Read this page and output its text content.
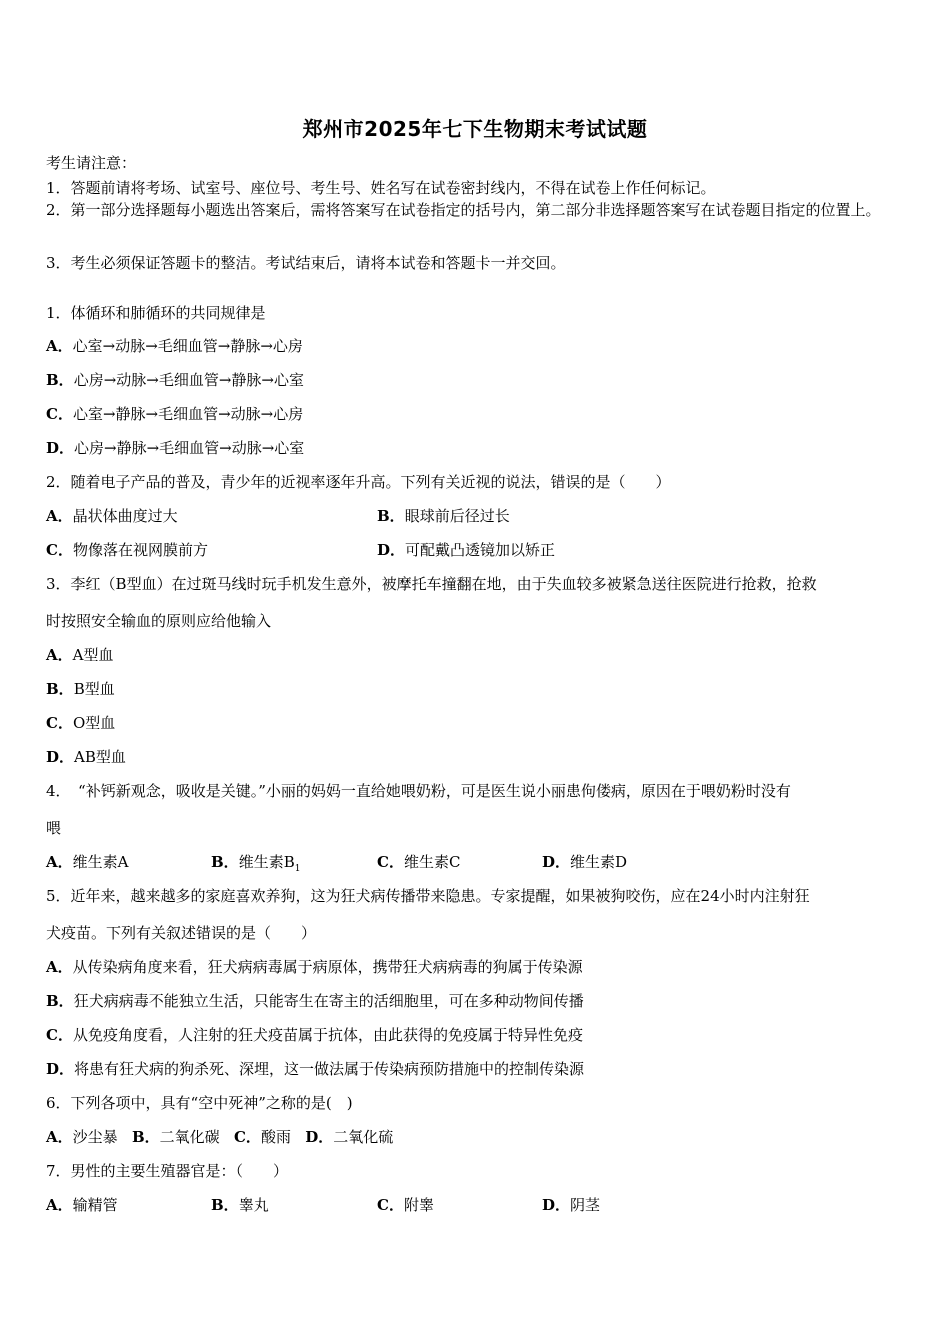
郑州市2025年七下生物期末考试试题
考生请注意：
1．答题前请将考场、试室号、座位号、考生号、姓名写在试卷密封线内，不得在试卷上作任何标记。
2．第一部分选择题每小题选出答案后，需将答案写在试卷指定的括号内，第二部分非选择题答案写在试卷题目指定的位置上。
3．考生必须保证答题卡的整洁。考试结束后，请将本试卷和答题卡一并交回。
1．体循环和肺循环的共同规律是
A．心室→动脉→毛细血管→静脉→心房
B．心房→动脉→毛细血管→静脉→心室
C．心室→静脉→毛细血管→动脉→心房
D．心房→静脉→毛细血管→动脉→心室
2．随着电子产品的普及，青少年的近视率逐年升高。下列有关近视的说法，错误的是（　　）
A．晶状体曲度过大	B．眼球前后径过长
C．物像落在视网膜前方	D．可配戴凸透镜加以矫正
3．李红（B型血）在过斑马线时玩手机发生意外，被摩托车撞翻在地，由于失血较多被紧急送往医院进行抢救，抢救
时按照安全输血的原则应给他输入
A．A型血
B．B型血
C．O型血
D．AB型血
4．　“补钙新观念，吸收是关键。”小丽的妈妈一直给她喂奶粉，可是医生说小丽患佝偻病，原因在于喂奶粉时没有
喂
A．维生素A	B．维生素$B_1$	C．维生素C	D．维生素D
5．近年来，越来越多的家庭喜欢养狗，这为狂犬病传播带来隐患。专家提醒，如果被狗咬伤，应在24小时内注射狂
犬疫苗。下列有关叙述错误的是（　　）
A．从传染病角度来看，狂犬病病毒属于病原体，携带狂犬病病毒的狗属于传染源
B．狂犬病病毒不能独立生活，只能寄生在寄主的活细胞里，可在多种动物间传播
C．从免疫角度看，人注射的狂犬疫苗属于抗体，由此获得的免疫属于特异性免疫
D．将患有狂犬病的狗杀死、深埋，这一做法属于传染病预防措施中的控制传染源
6．下列各项中，具有“空中死神”之称的是(　)
A．沙尘暴 B．二氧化碳 C．酸雨 D．二氧化硫
7．男性的主要生殖器官是：（　　）
A．输精管	B．睾丸	C．附睾	D．阴茎
